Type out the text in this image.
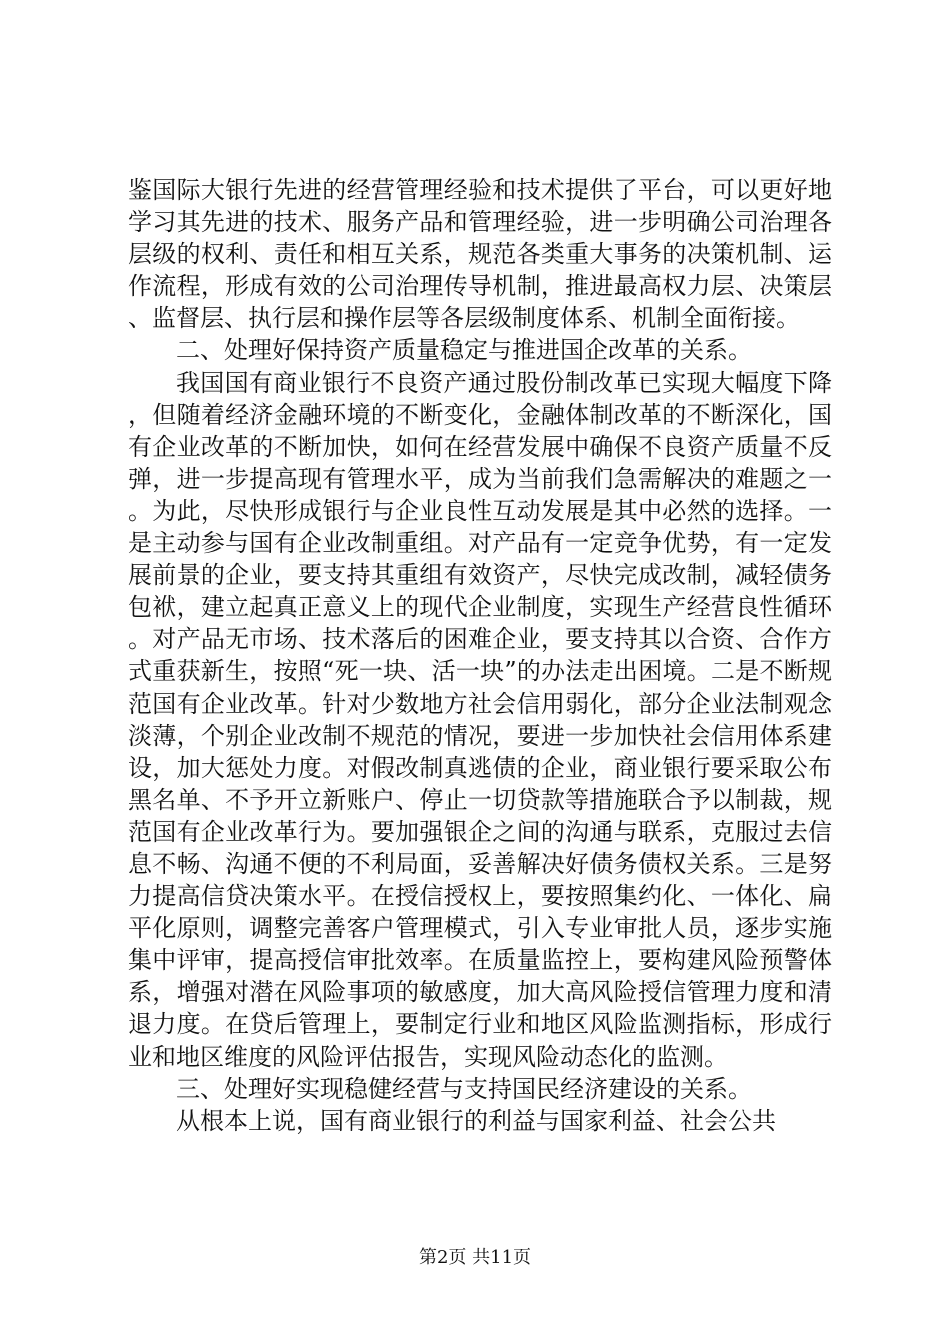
鉴国际大银行先进的经营管理经验和技术提供了平台，可以更好地学习其先进的技术、服务产品和管理经验，进一步明确公司治理各层级的权利、责任和相互关系，规范各类重大事务的决策机制、运作流程，形成有效的公司治理传导机制，推进最高权力层、决策层、监督层、执行层和操作层等各层级制度体系、机制全面衔接。

二、处理好保持资产质量稳定与推进国企改革的关系。

我国国有商业银行不良资产通过股份制改革已实现大幅度下降，但随着经济金融环境的不断变化，金融体制改革的不断深化，国有企业改革的不断加快，如何在经营发展中确保不良资产质量不反弹，进一步提高现有管理水平，成为当前我们急需解决的难题之一。为此，尽快形成银行与企业良性互动发展是其中必然的选择。一是主动参与国有企业改制重组。对产品有一定竞争优势，有一定发展前景的企业，要支持其重组有效资产，尽快完成改制，减轻债务包袱，建立起真正意义上的现代企业制度，实现生产经营良性循环。对产品无市场、技术落后的困难企业，要支持其以合资、合作方式重获新生，按照“死一块、活一块”的办法走出困境。二是不断规范国有企业改革。针对少数地方社会信用弱化，部分企业法制观念淡薄，个别企业改制不规范的情况，要进一步加快社会信用体系建设，加大惩处力度。对假改制真逃债的企业，商业银行要采取公布黑名单、不予开立新账户、停止一切贷款等措施联合予以制裁，规范国有企业改革行为。要加强银企之间的沟通与联系，克服过去信息不畅、沟通不便的不利局面，妥善解决好债务债权关系。三是努力提高信贷决策水平。在授信授权上，要按照集约化、一体化、扁平化原则，调整完善客户管理模式，引入专业审批人员，逐步实施集中评审，提高授信审批效率。在质量监控上，要构建风险预警体系，增强对潜在风险事项的敏感度，加大高风险授信管理力度和清退力度。在贷后管理上，要制定行业和地区风险监测指标，形成行业和地区维度的风险评估报告，实现风险动态化的监测。

三、处理好实现稳健经营与支持国民经济建设的关系。

从根本上说，国有商业银行的利益与国家利益、社会公共

第2页 共11页
